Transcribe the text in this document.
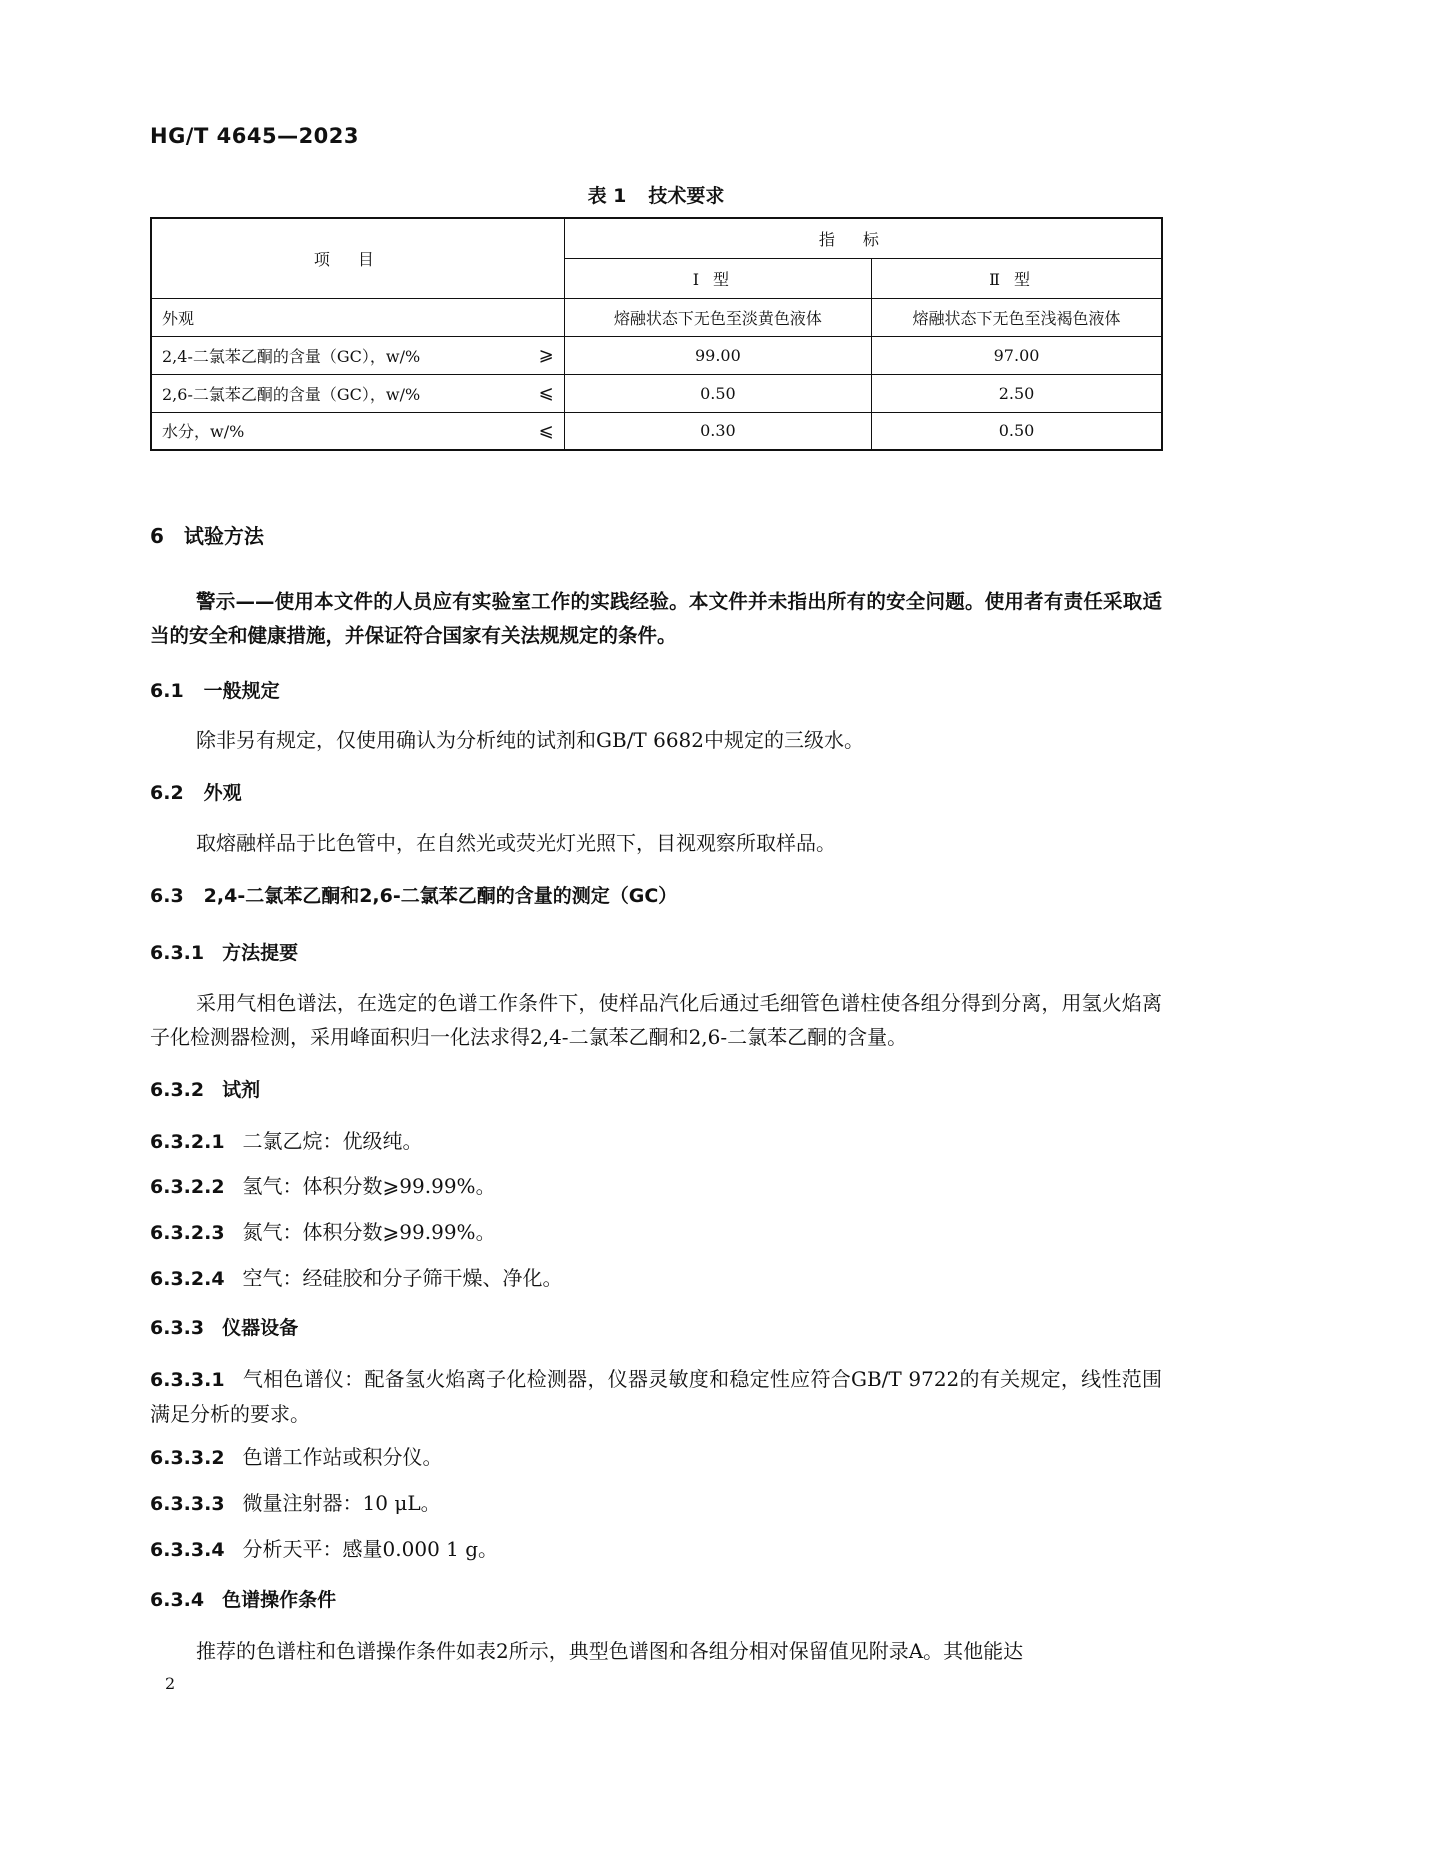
HG/T 4645—2023
表 1 技术要求
项目	指标	
	Ⅰ型	Ⅱ型
外观	熔融状态下无色至淡黄色液体	熔融状态下无色至浅褐色液体
2,4-二氯苯乙酮的含量（GC），w/% ⩾	99.00	97.00
2,6-二氯苯乙酮的含量（GC），w/% ⩽	0.50	2.50
水分，w/% ⩽	0.30	0.50
6 试验方法
警示——使用本文件的人员应有实验室工作的实践经验。本文件并未指出所有的安全问题。使用者有责任采取适当的安全和健康措施，并保证符合国家有关法规规定的条件。
6.1 一般规定
除非另有规定，仅使用确认为分析纯的试剂和GB/T 6682中规定的三级水。
6.2 外观
取熔融样品于比色管中，在自然光或荧光灯光照下，目视观察所取样品。
6.3 2,4-二氯苯乙酮和2,6-二氯苯乙酮的含量的测定（GC）
6.3.1 方法提要
采用气相色谱法，在选定的色谱工作条件下，使样品汽化后通过毛细管色谱柱使各组分得到分离，用氢火焰离子化检测器检测，采用峰面积归一化法求得2,4-二氯苯乙酮和2,6-二氯苯乙酮的含量。
6.3.2 试剂
6.3.2.1 二氯乙烷：优级纯。
6.3.2.2 氢气：体积分数⩾99.99%。
6.3.2.3 氮气：体积分数⩾99.99%。
6.3.2.4 空气：经硅胶和分子筛干燥、净化。
6.3.3 仪器设备
6.3.3.1 气相色谱仪：配备氢火焰离子化检测器，仪器灵敏度和稳定性应符合GB/T 9722的有关规定，线性范围满足分析的要求。
6.3.3.2 色谱工作站或积分仪。
6.3.3.3 微量注射器：10 μL。
6.3.3.4 分析天平：感量0.000 1 g。
6.3.4 色谱操作条件
推荐的色谱柱和色谱操作条件如表2所示，典型色谱图和各组分相对保留值见附录A。其他能达
2
